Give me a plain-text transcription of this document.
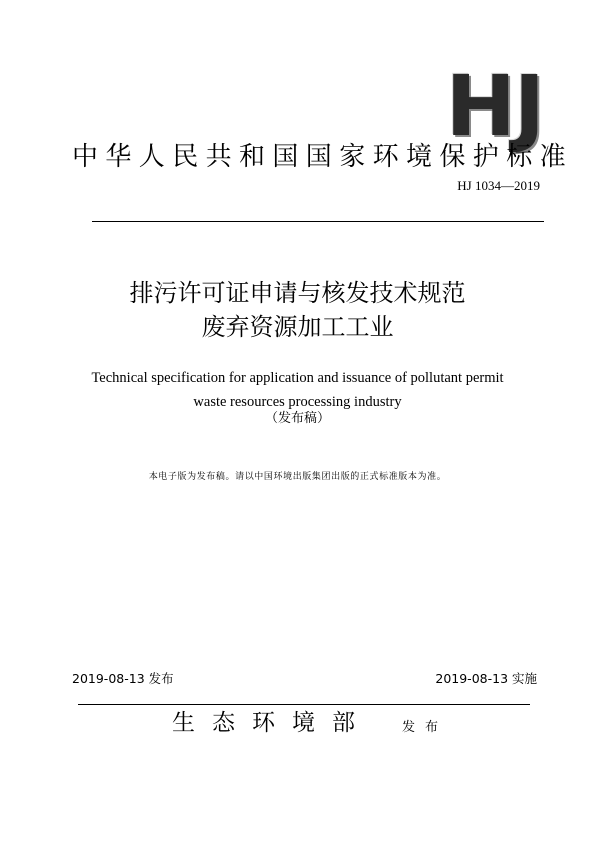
HJ
中华人民共和国国家环境保护标准
HJ 1034—2019
排污许可证申请与核发技术规范
废弃资源加工工业
Technical specification for application and issuance of pollutant permit
waste resources processing industry
（发布稿）
本电子版为发布稿。请以中国环境出版集团出版的正式标准版本为准。
2019-08-13 发布	2019-08-13 实施
生态环境部 发布
